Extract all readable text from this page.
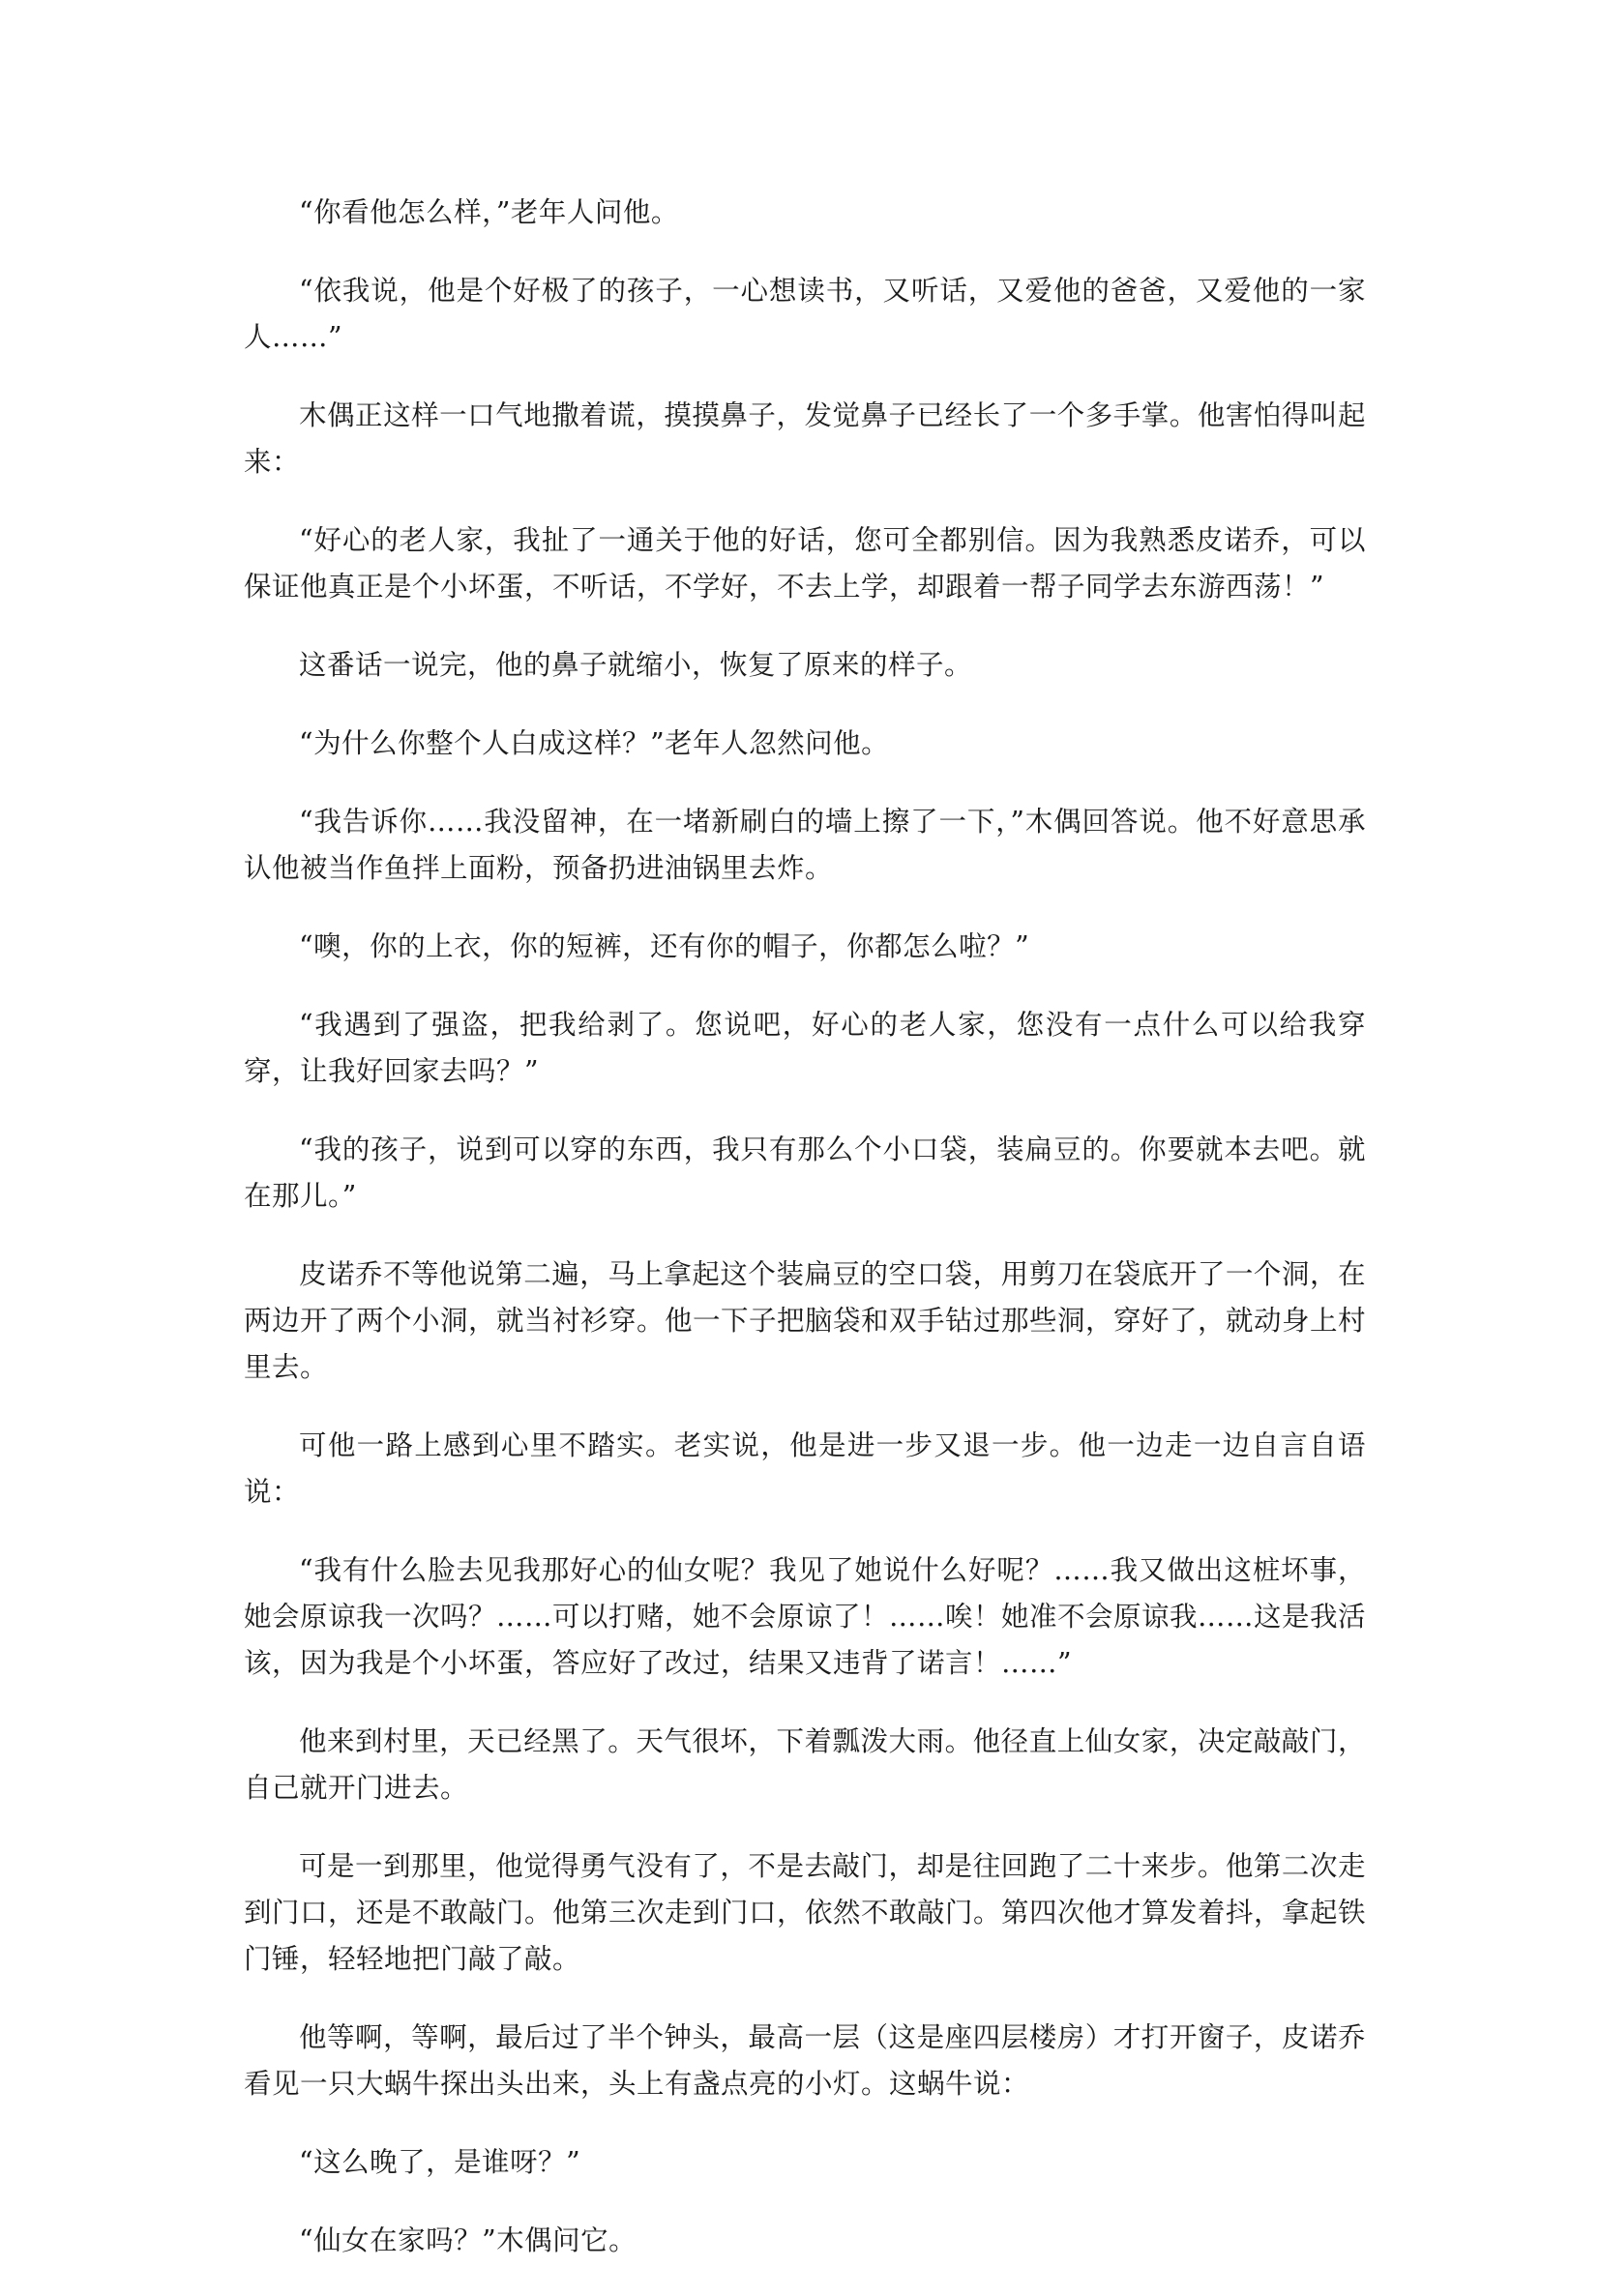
“你看他怎么样，”老年人问他。

“依我说，他是个好极了的孩子，一心想读书，又听话，又爱他的爸爸，又爱他的一家人……”

木偶正这样一口气地撒着谎，摸摸鼻子，发觉鼻子已经长了一个多手掌。他害怕得叫起来：

“好心的老人家，我扯了一通关于他的好话，您可全都别信。因为我熟悉皮诺乔，可以保证他真正是个小坏蛋，不听话，不学好，不去上学，却跟着一帮子同学去东游西荡！”

这番话一说完，他的鼻子就缩小，恢复了原来的样子。

“为什么你整个人白成这样？”老年人忽然问他。

“我告诉你……我没留神，在一堵新刷白的墙上擦了一下，”木偶回答说。他不好意思承认他被当作鱼拌上面粉，预备扔进油锅里去炸。

“噢，你的上衣，你的短裤，还有你的帽子，你都怎么啦？”

“我遇到了强盗，把我给剥了。您说吧，好心的老人家，您没有一点什么可以给我穿穿，让我好回家去吗？”

“我的孩子，说到可以穿的东西，我只有那么个小口袋，装扁豆的。你要就本去吧。就在那儿。”

皮诺乔不等他说第二遍，马上拿起这个装扁豆的空口袋，用剪刀在袋底开了一个洞，在两边开了两个小洞，就当衬衫穿。他一下子把脑袋和双手钻过那些洞，穿好了，就动身上村里去。

可他一路上感到心里不踏实。老实说，他是进一步又退一步。他一边走一边自言自语说：

“我有什么脸去见我那好心的仙女呢？我见了她说什么好呢？……我又做出这桩坏事，她会原谅我一次吗？……可以打赌，她不会原谅了！……唉！她准不会原谅我……这是我活该，因为我是个小坏蛋，答应好了改过，结果又违背了诺言！……”

他来到村里，天已经黑了。天气很坏，下着瓢泼大雨。他径直上仙女家，决定敲敲门，自己就开门进去。

可是一到那里，他觉得勇气没有了，不是去敲门，却是往回跑了二十来步。他第二次走到门口，还是不敢敲门。他第三次走到门口，依然不敢敲门。第四次他才算发着抖，拿起铁门锤，轻轻地把门敲了敲。

他等啊，等啊，最后过了半个钟头，最高一层（这是座四层楼房）才打开窗子，皮诺乔看见一只大蜗牛探出头出来，头上有盏点亮的小灯。这蜗牛说：

“这么晚了，是谁呀？”

“仙女在家吗？”木偶问它。
